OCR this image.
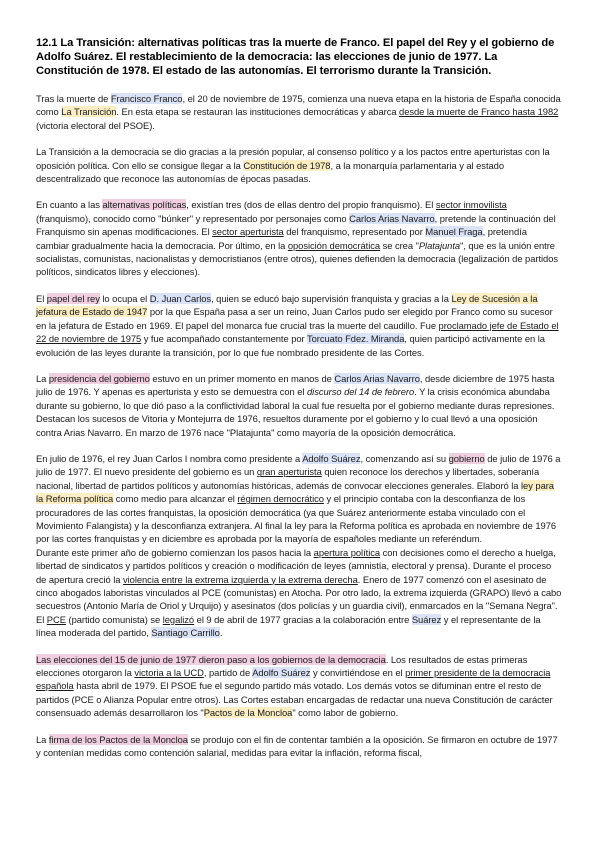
12.1 La Transición: alternativas políticas tras la muerte de Franco. El papel del Rey y el gobierno de Adolfo Suárez. El restablecimiento de la democracia: las elecciones de junio de 1977. La Constitución de 1978. El estado de las autonomías. El terrorismo durante la Transición.

Tras la muerte de Francisco Franco, el 20 de noviembre de 1975, comienza una nueva etapa en la historia de España conocida como La Transición. En esta etapa se restauran las instituciones democráticas y abarca desde la muerte de Franco hasta 1982 (victoria electoral del PSOE).

La Transición a la democracia se dio gracias a la presión popular, al consenso político y a los pactos entre aperturistas con la oposición política. Con ello se consigue llegar a la Constitución de 1978, a la monarquía parlamentaria y al estado descentralizado que reconoce las autonomías de épocas pasadas.

En cuanto a las alternativas políticas, existían tres (dos de ellas dentro del propio franquismo). El sector inmovilista (franquismo), conocido como "búnker" y representado por personajes como Carlos Arias Navarro, pretende la continuación del Franquismo sin apenas modificaciones. El sector aperturista del franquismo, representado por Manuel Fraga, pretendía cambiar gradualmente hacia la democracia. Por último, en la oposición democrática se crea "Platajunta", que es la unión entre socialistas, comunistas, nacionalistas y democristianos (entre otros), quienes defienden la democracia (legalización de partidos políticos, sindicatos libres y elecciones).

El papel del rey lo ocupa el D. Juan Carlos, quien se educó bajo supervisión franquista y gracias a la Ley de Sucesión a la jefatura de Estado de 1947 por la que España pasa a ser un reino, Juan Carlos pudo ser elegido por Franco como su sucesor en la jefatura de Estado en 1969. El papel del monarca fue crucial tras la muerte del caudillo. Fue proclamado jefe de Estado el 22 de noviembre de 1975 y fue acompañado constantemente por Torcuato Fdez. Miranda, quien participó activamente en la evolución de las leyes durante la transición, por lo que fue nombrado presidente de las Cortes.

La presidencia del gobierno estuvo en un primer momento en manos de Carlos Arias Navarro, desde diciembre de 1975 hasta julio de 1976. Y apenas es aperturista y esto se demuestra con el discurso del 14 de febrero. Y la crisis económica abundaba durante su gobierno, lo que dió paso a la conflictividad laboral la cual fue resuelta por el gobierno mediante duras represiones. Destacan los sucesos de Vitoria y Montejurra de 1976, resueltos duramente por el gobierno y lo cual llevó a una oposición contra Arias Navarro. En marzo de 1976 nace "Platajunta" como mayoría de la oposición democrática.

En julio de 1976, el rey Juan Carlos I nombra como presidente a Adolfo Suárez, comenzando así su gobierno de julio de 1976 a julio de 1977. El nuevo presidente del gobierno es un gran aperturista quien reconoce los derechos y libertades, soberanía nacional, libertad de partidos políticos y autonomías históricas, además de convocar elecciones generales. Elaboró la ley para la Reforma política como medio para alcanzar el régimen democrático y el principio contaba con la desconfianza de los procuradores de las cortes franquistas, la oposición democrática (ya que Suárez anteriormente estaba vinculado con el Movimiento Falangista) y la desconfianza extranjera. Al final la ley para la Reforma política es aprobada en noviembre de 1976 por las cortes franquistas y en diciembre es aprobada por la mayoría de españoles mediante un referéndum.

Durante este primer año de gobierno comienzan los pasos hacia la apertura política con decisiones como el derecho a huelga, libertad de sindicatos y partidos políticos y creación o modificación de leyes (amnistía, electoral y prensa). Durante el proceso de apertura creció la violencia entre la extrema izquierda y la extrema derecha. Enero de 1977 comenzó con el asesinato de cinco abogados laboristas vinculados al PCE (comunistas) en Atocha. Por otro lado, la extrema izquierda (GRAPO) llevó a cabo secuestros (Antonio María de Oriol y Urquijo) y asesinatos (dos policías y un guardia civil), enmarcados en la "Semana Negra".

El PCE (partido comunista) se legalizó el 9 de abril de 1977 gracias a la colaboración entre Suárez y el representante de la línea moderada del partido, Santiago Carrillo.

Las elecciones del 15 de junio de 1977 dieron paso a los gobiernos de la democracia. Los resultados de estas primeras elecciones otorgaron la victoria a la UCD, partido de Adolfo Suárez y convirtiéndose en el primer presidente de la democracia española hasta abril de 1979. El PSOE fue el segundo partido más votado. Los demás votos se difuminan entre el resto de partidos (PCE o Alianza Popular entre otros). Las Cortes estaban encargadas de redactar una nueva Constitución de carácter consensuado además desarrollaron los "Pactos de la Moncloa" como labor de gobierno.

La firma de los Pactos de la Moncloa se produjo con el fin de contentar también a la oposición. Se firmaron en octubre de 1977 y contenían medidas como contención salarial, medidas para evitar la inflación, reforma fiscal,
